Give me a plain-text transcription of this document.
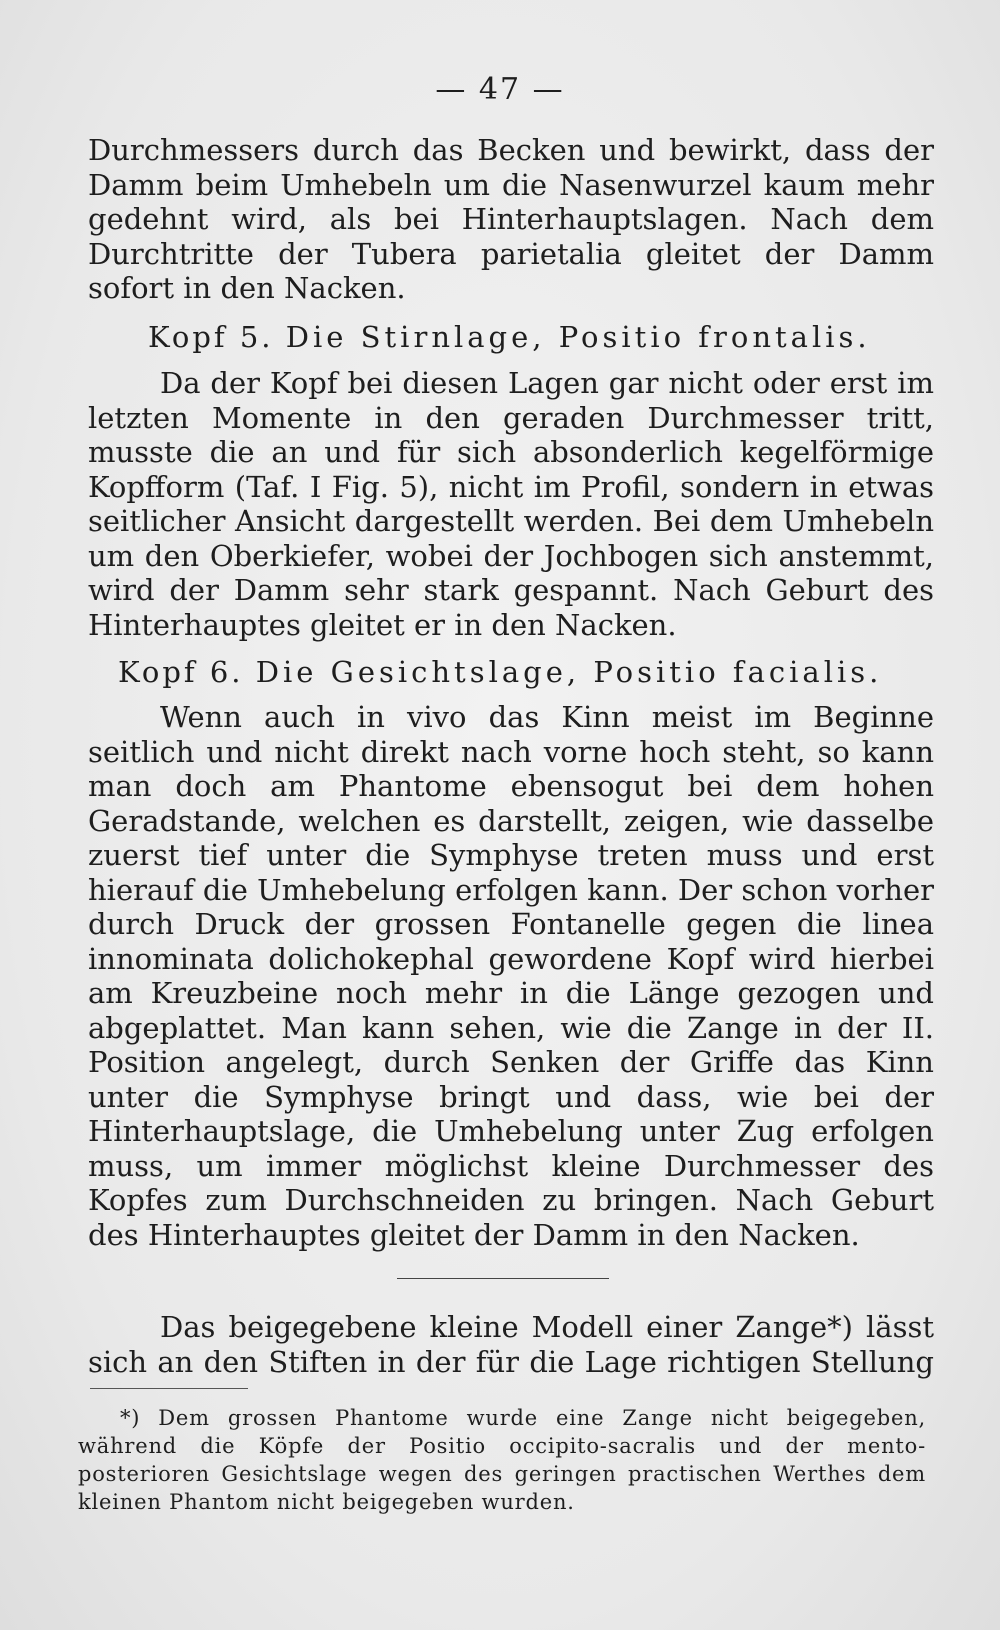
— 47 —

Durchmessers durch das Becken und bewirkt, dass der Damm beim Umhebeln um die Nasenwurzel kaum mehr gedehnt wird, als bei Hinterhauptslagen. Nach dem Durchtritte der Tubera parietalia gleitet der Damm sofort in den Nacken.

Kopf 5. Die Stirnlage, Positio frontalis.

Da der Kopf bei diesen Lagen gar nicht oder erst im letzten Momente in den geraden Durchmesser tritt, musste die an und für sich absonderlich kegelförmige Kopfform (Taf. I Fig. 5), nicht im Profil, sondern in etwas seitlicher Ansicht dargestellt werden. Bei dem Umhebeln um den Oberkiefer, wobei der Jochbogen sich anstemmt, wird der Damm sehr stark gespannt. Nach Geburt des Hinterhauptes gleitet er in den Nacken.

Kopf 6. Die Gesichtslage, Positio facialis.

Wenn auch in vivo das Kinn meist im Beginne seitlich und nicht direkt nach vorne hoch steht, so kann man doch am Phantome ebensogut bei dem hohen Geradstande, welchen es darstellt, zeigen, wie dasselbe zuerst tief unter die Symphyse treten muss und erst hierauf die Umhebelung erfolgen kann. Der schon vorher durch Druck der grossen Fontanelle gegen die linea innominata dolichokephal gewordene Kopf wird hierbei am Kreuzbeine noch mehr in die Länge gezogen und abgeplattet. Man kann sehen, wie die Zange in der II. Position angelegt, durch Senken der Griffe das Kinn unter die Symphyse bringt und dass, wie bei der Hinterhauptslage, die Umhebelung unter Zug erfolgen muss, um immer möglichst kleine Durchmesser des Kopfes zum Durchschneiden zu bringen. Nach Geburt des Hinterhauptes gleitet der Damm in den Nacken.

Das beigegebene kleine Modell einer Zange*) lässt sich an den Stiften in der für die Lage richtigen Stellung

*) Dem grossen Phantome wurde eine Zange nicht beigegeben, während die Köpfe der Positio occipito-sacralis und der mento-posterioren Gesichtslage wegen des geringen practischen Werthes dem kleinen Phantom nicht beigegeben wurden.
